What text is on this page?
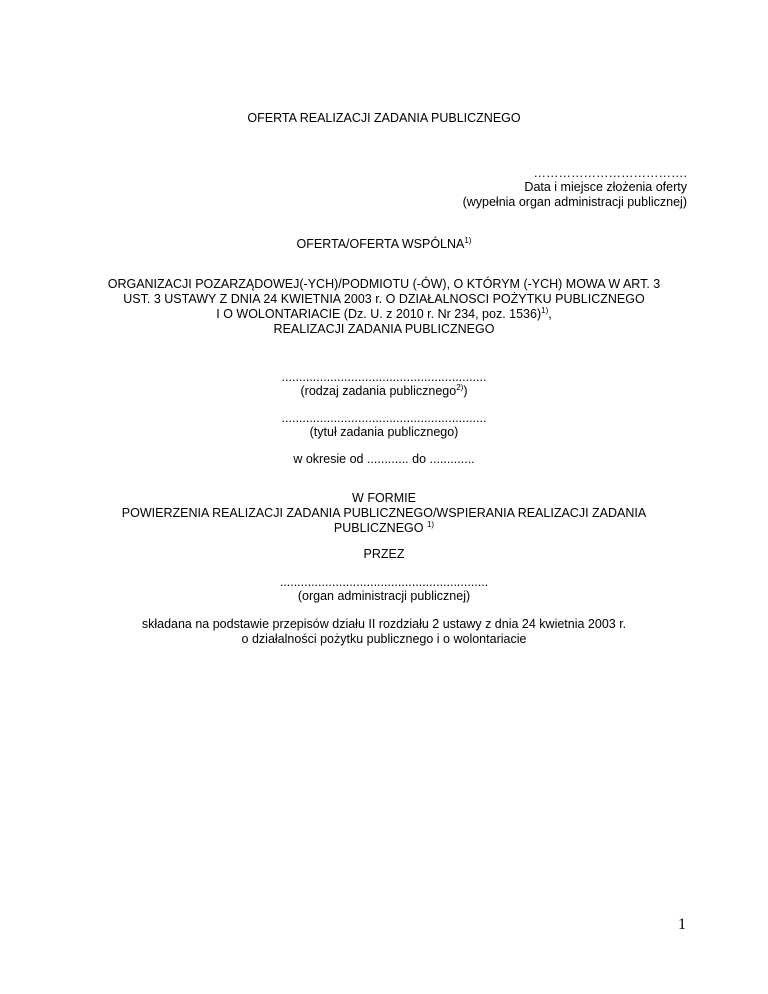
OFERTA REALIZACJI ZADANIA PUBLICZNEGO
……………………………….
Data i miejsce złożenia oferty
(wypełnia organ administracji publicznej)
OFERTA/OFERTA WSPÓLNA$^{1)}$
ORGANIZACJI POZARZĄDOWEJ(-YCH)/PODMIOTU (-ÓW), O KTÓRYM (-YCH) MOWA W ART. 3
UST. 3 USTAWY Z DNIA 24 KWIETNIA 2003 r. O DZIAŁALNOSCI POŻYTKU PUBLICZNEGO
I O WOLONTARIACIE (Dz. U. z 2010 r. Nr 234, poz. 1536)$^{1)}$,
REALIZACJI ZADANIA PUBLICZNEGO
...........................................................
(rodzaj zadania publicznego$^{2)}$)
...........................................................
(tytuł zadania publicznego)
w okresie od ............ do .............
W FORMIE
POWIERZENIA REALIZACJI ZADANIA PUBLICZNEGO/WSPIERANIA REALIZACJI ZADANIA
PUBLICZNEGO $^{1)}$
PRZEZ
............................................................
(organ administracji publicznej)
składana na podstawie przepisów działu II rozdziału 2 ustawy z dnia 24 kwietnia 2003 r.
o działalności pożytku publicznego i o wolontariacie
1
